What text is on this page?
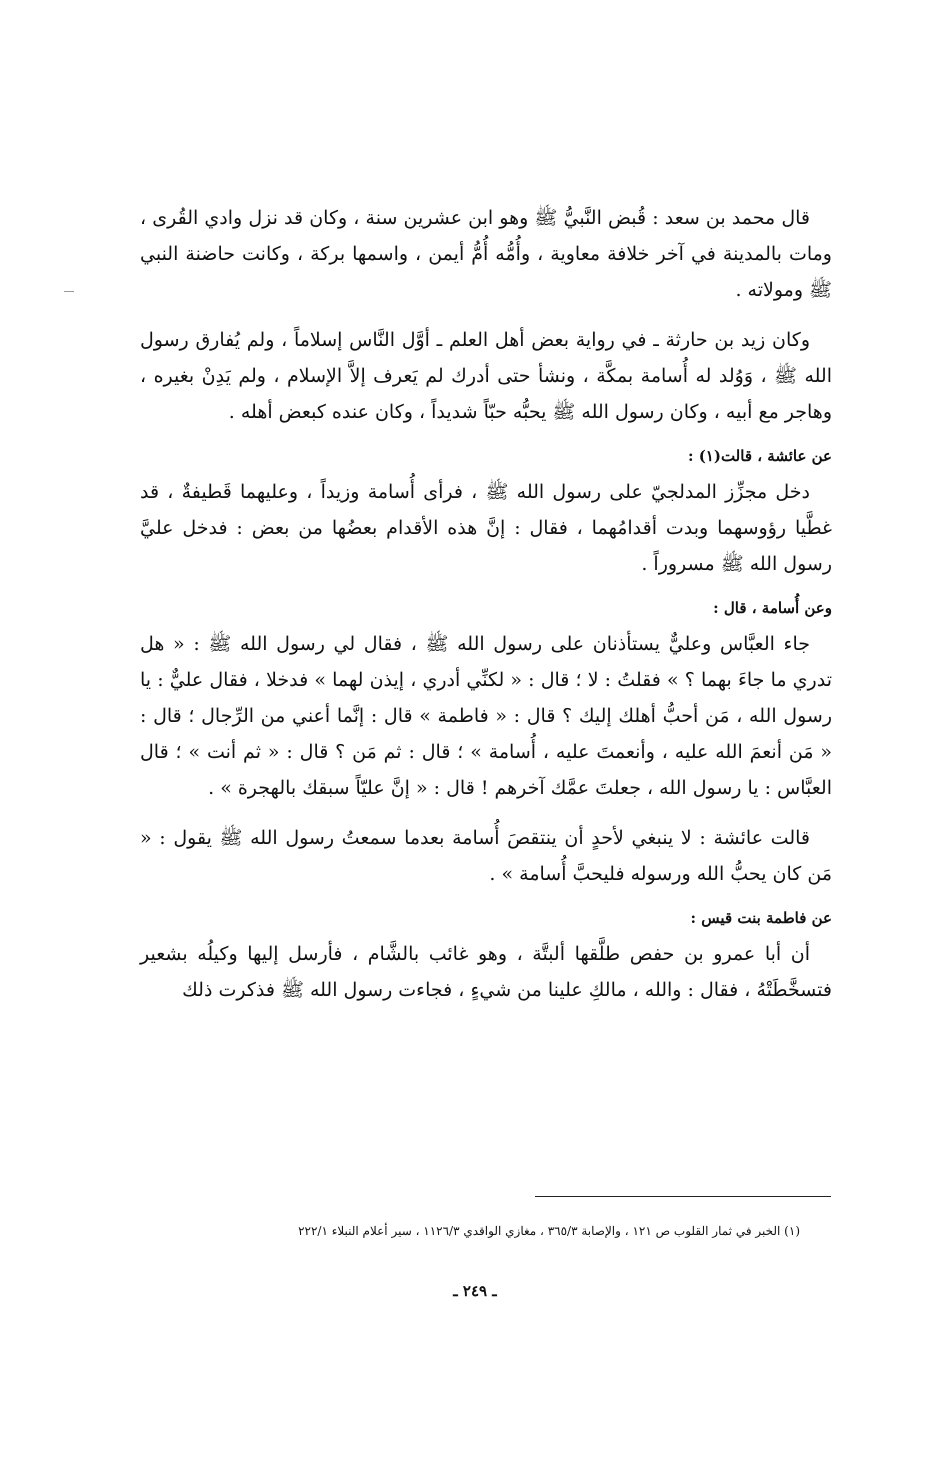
قال محمد بن سعد : قُبض النَّبيُّ ﷺ وهو ابن عشرين سنة ، وكان قد نزل وادي القُرى ، ومات بالمدينة في آخر خلافة معاوية ، وأُمُّه أُمُّ أيمن ، واسمها بركة ، وكانت حاضنة النبي ﷺ ومولاته .

وكان زيد بن حارثة ـ في رواية بعض أهل العلم ـ أوَّل النَّاس إسلاماً ، ولم يُفارق رسول الله ﷺ ، وَوُلد له أُسامة بمكَّة ، ونشأ حتى أدرك لم يَعرف إلاَّ الإسلام ، ولم يَدِنْ بغيره ، وهاجر مع أبيه ، وكان رسول الله ﷺ يحبُّه حبّاً شديداً ، وكان عنده كبعض أهله .

عن عائشة ، قالت(١) :

دخل مجزِّز المدلجيّ على رسول الله ﷺ ، فرأى أُسامة وزيداً ، وعليهما قَطيفةٌ ، قد غطَّيا رؤوسهما وبدت أقدامُهما ، فقال : إنَّ هذه الأقدام بعضُها من بعض : فدخل عليَّ رسول الله ﷺ مسروراً .

وعن أُسامة ، قال :

جاء العبَّاس وعليٌّ يستأذنان على رسول الله ﷺ ، فقال لي رسول الله ﷺ : « هل تدري ما جاءَ بهما ؟ » فقلتُ : لا ؛ قال : « لكنِّي أدري ، إيذن لهما » فدخلا ، فقال عليٌّ : يا رسول الله ، مَن أحبُّ أهلك إليك ؟ قال : « فاطمة » قال : إنَّما أعني من الرِّجال ؛ قال : « مَن أنعمَ الله عليه ، وأنعمتَ عليه ، أُسامة » ؛ قال : ثم مَن ؟ قال : « ثم أنت » ؛ قال العبَّاس : يا رسول الله ، جعلتَ عمَّك آخرهم ! قال : « إنَّ عليّاً سبقك بالهجرة » .

قالت عائشة : لا ينبغي لأحدٍ أن ينتقصَ أُسامة بعدما سمعتُ رسول الله ﷺ يقول : « مَن كان يحبُّ الله ورسوله فليحبَّ أُسامة » .

عن فاطمة بنت قيس :

أن أبا عمرو بن حفص طلَّقها ألبتَّة ، وهو غائب بالشَّام ، فأرسل إليها وكيلُه بشعير فتسخَّطَتْهُ ، فقال : والله ، مالكِ علينا من شيءٍ ، فجاءت رسول الله ﷺ فذكرت ذلك

(١) الخبر في ثمار القلوب ص ١٢١ ، والإصابة ٣٦٥/٣ ، مغازي الواقدي ١١٢٦/٣ ، سير أعلام النبلاء ٢٢٢/١
ـ ٢٤٩ ـ
